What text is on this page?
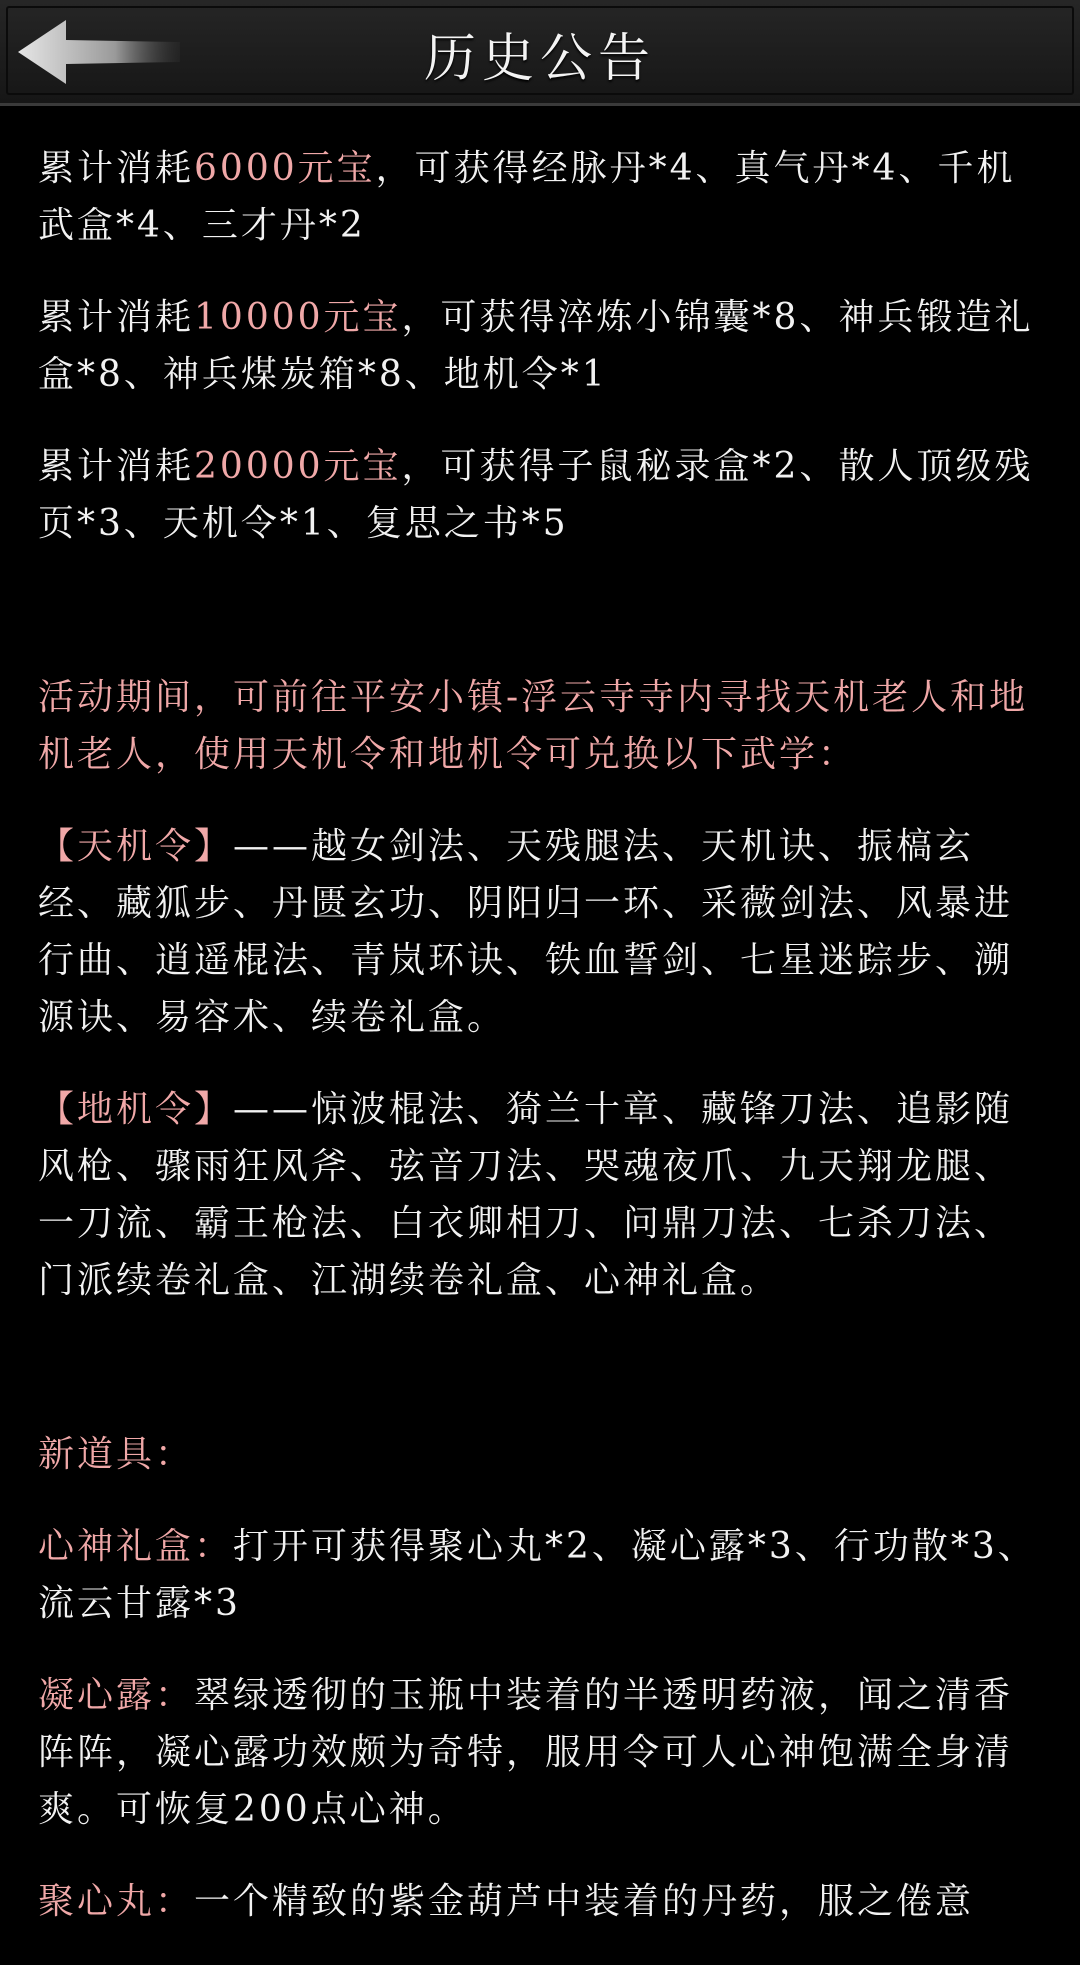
历史公告

累计消耗6000元宝，可获得经脉丹*4、真气丹*4、千机武盒*4、三才丹*2

累计消耗10000元宝，可获得淬炼小锦囊*8、神兵锻造礼盒*8、神兵煤炭箱*8、地机令*1

累计消耗20000元宝，可获得子鼠秘录盒*2、散人顶级残页*3、天机令*1、复思之书*5

活动期间，可前往平安小镇-浮云寺寺内寻找天机老人和地机老人，使用天机令和地机令可兑换以下武学：

【天机令】——越女剑法、天残腿法、天机诀、振槁玄经、藏狐步、丹匮玄功、阴阳归一环、采薇剑法、风暴进行曲、逍遥棍法、青岚环诀、铁血誓剑、七星迷踪步、溯源诀、易容术、续卷礼盒。

【地机令】——惊波棍法、猗兰十章、藏锋刀法、追影随风枪、骤雨狂风斧、弦音刀法、哭魂夜爪、九天翔龙腿、一刀流、霸王枪法、白衣卿相刀、问鼎刀法、七杀刀法、门派续卷礼盒、江湖续卷礼盒、心神礼盒。

新道具：

心神礼盒：打开可获得聚心丸*2、凝心露*3、行功散*3、流云甘露*3

凝心露：翠绿透彻的玉瓶中装着的半透明药液，闻之清香阵阵，凝心露功效颇为奇特，服用令可人心神饱满全身清爽。可恢复200点心神。

聚心丸：一个精致的紫金葫芦中装着的丹药，服之倦意
